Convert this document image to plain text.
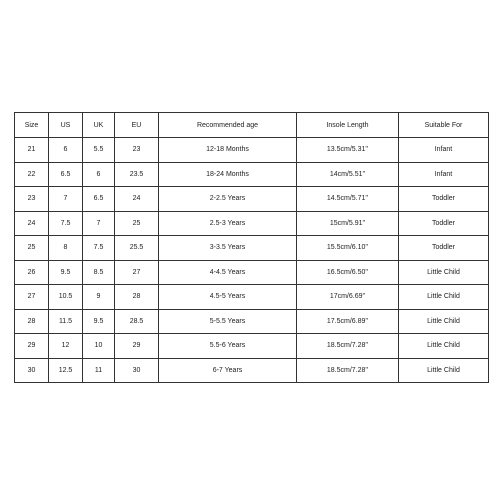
Size	US	UK	EU	Recommended age	Insole Length	Suitable For
21	6	5.5	23	12-18 Months	13.5cm/5.31''	Infant
22	6.5	6	23.5	18-24 Months	14cm/5.51''	Infant
23	7	6.5	24	2-2.5 Years	14.5cm/5.71''	Toddler
24	7.5	7	25	2.5-3 Years	15cm/5.91''	Toddler
25	8	7.5	25.5	3-3.5 Years	15.5cm/6.10''	Toddler
26	9.5	8.5	27	4-4.5 Years	16.5cm/6.50''	Little Child
27	10.5	9	28	4.5-5 Years	17cm/6.69''	Little Child
28	11.5	9.5	28.5	5-5.5 Years	17.5cm/6.89''	Little Child
29	12	10	29	5.5-6 Years	18.5cm/7.28''	Little Child
30	12.5	11	30	6-7 Years	18.5cm/7.28''	Little Child
